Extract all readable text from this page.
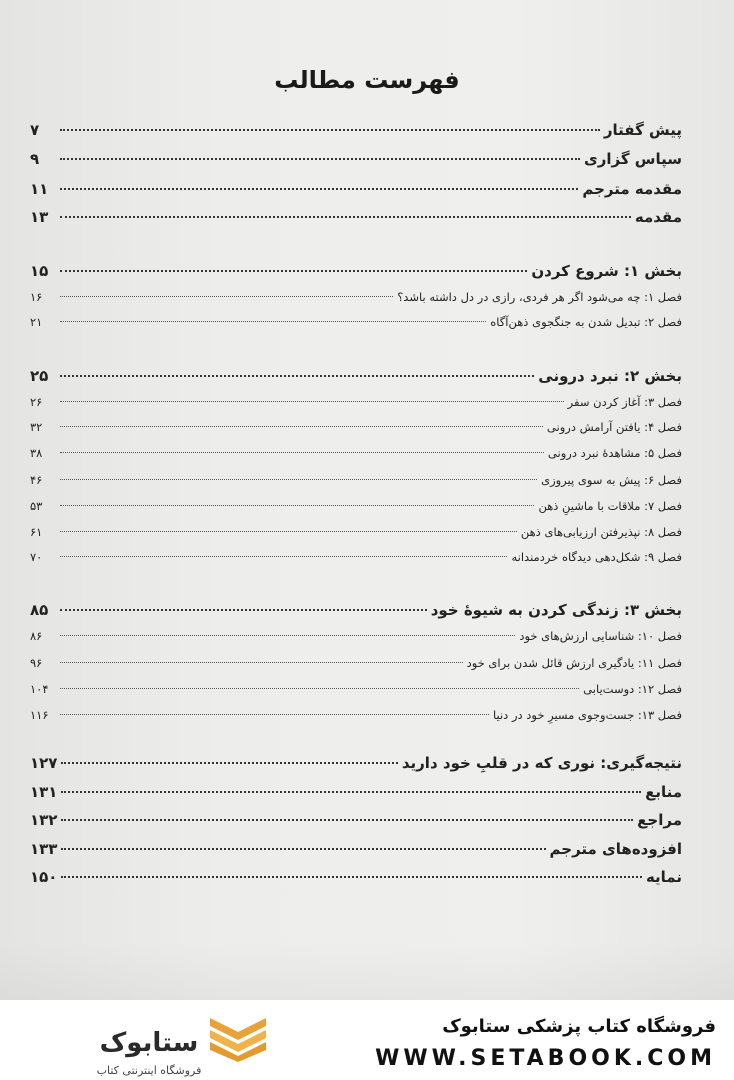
فهرست مطالب
پیش گفتار
۷
سپاس گزاری
۹
مقدمه مترجم
۱۱
مقدمه
۱۳
بخش ۱: شروع کردن
۱۵
فصل ۱: چه می‌شود اگر هر فردی، رازی در دل داشته باشد؟
۱۶
فصل ۲: تبدیل شدن به جنگجوی ذهن‌آگاه
۲۱
بخش ۲: نبرد درونی
۲۵
فصل ۳: آغاز کردن سفر
۲۶
فصل ۴: یافتن آرامش درونی
۳۲
فصل ۵: مشاهدهٔ نبرد درونی
۳۸
فصل ۶: پیش به سوی پیروزی
۴۶
فصل ۷: ملاقات با ماشینِ ذهن
۵۳
فصل ۸: نپذیرفتن ارزیابی‌های ذهن
۶۱
فصل ۹: شکل‌دهی دیدگاه خردمندانه
۷۰
بخش ۳: زندگی کردن به شیوهٔ خود
۸۵
فصل ۱۰: شناسایی ارزش‌های خود
۸۶
فصل ۱۱: یادگیری ارزش قائل شدن برای خود
۹۶
فصل ۱۲: دوست‌یابی
۱۰۴
فصل ۱۳: جست‌وجوی مسیرِ خود در دنیا
۱۱۶
نتیجه‌گیری: نوری که در قلبِ خود دارید
۱۲۷
منابع
۱۳۱
مراجع
۱۳۲
افزوده‌های مترجم
۱۳۳
نمایه
۱۵۰
ستابوک
فروشگاه اینترنتی کتاب
فروشگاه کتاب پزشکی ستابوک
WWW.SETABOOK.COM
